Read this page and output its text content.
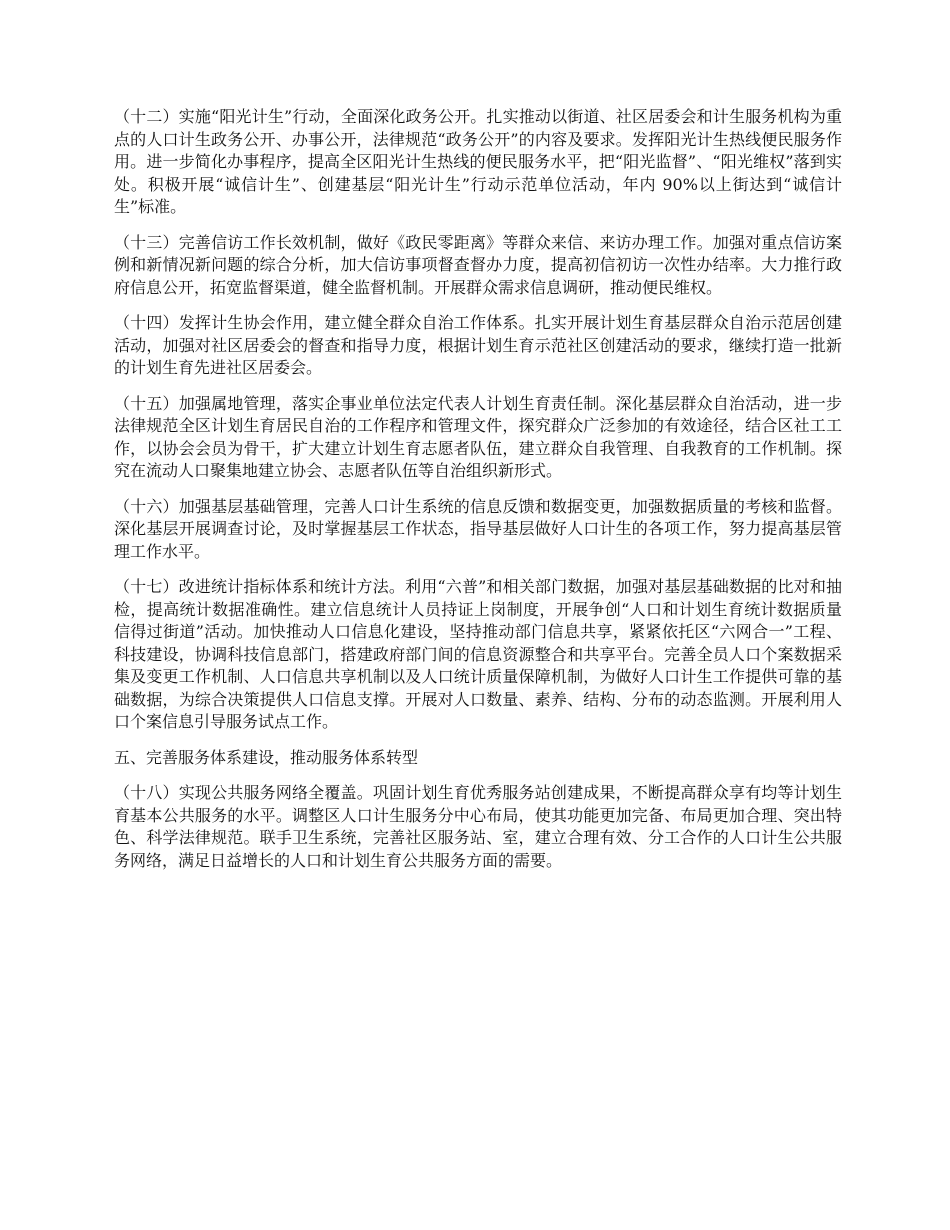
（十二）实施“阳光计生”行动，全面深化政务公开。扎实推动以街道、社区居委会和计生服务机构为重点的人口计生政务公开、办事公开，法律规范“政务公开”的内容及要求。发挥阳光计生热线便民服务作用。进一步简化办事程序，提高全区阳光计生热线的便民服务水平，把“阳光监督”、“阳光维权”落到实处。积极开展“诚信计生”、创建基层“阳光计生”行动示范单位活动，年内 90%以上街达到“诚信计生”标准。

（十三）完善信访工作长效机制，做好《政民零距离》等群众来信、来访办理工作。加强对重点信访案例和新情况新问题的综合分析，加大信访事项督查督办力度，提高初信初访一次性办结率。大力推行政府信息公开，拓宽监督渠道，健全监督机制。开展群众需求信息调研，推动便民维权。

（十四）发挥计生协会作用，建立健全群众自治工作体系。扎实开展计划生育基层群众自治示范居创建活动，加强对社区居委会的督查和指导力度，根据计划生育示范社区创建活动的要求，继续打造一批新的计划生育先进社区居委会。

（十五）加强属地管理，落实企事业单位法定代表人计划生育责任制。深化基层群众自治活动，进一步法律规范全区计划生育居民自治的工作程序和管理文件，探究群众广泛参加的有效途径，结合区社工工作，以协会会员为骨干，扩大建立计划生育志愿者队伍，建立群众自我管理、自我教育的工作机制。探究在流动人口聚集地建立协会、志愿者队伍等自治组织新形式。

（十六）加强基层基础管理，完善人口计生系统的信息反馈和数据变更，加强数据质量的考核和监督。深化基层开展调查讨论，及时掌握基层工作状态，指导基层做好人口计生的各项工作，努力提高基层管理工作水平。

（十七）改进统计指标体系和统计方法。利用“六普”和相关部门数据，加强对基层基础数据的比对和抽检，提高统计数据准确性。建立信息统计人员持证上岗制度，开展争创“人口和计划生育统计数据质量信得过街道”活动。加快推动人口信息化建设，坚持推动部门信息共享，紧紧依托区“六网合一”工程、科技建设，协调科技信息部门，搭建政府部门间的信息资源整合和共享平台。完善全员人口个案数据采集及变更工作机制、人口信息共享机制以及人口统计质量保障机制，为做好人口计生工作提供可靠的基础数据，为综合决策提供人口信息支撑。开展对人口数量、素养、结构、分布的动态监测。开展利用人口个案信息引导服务试点工作。

五、完善服务体系建设，推动服务体系转型

（十八）实现公共服务网络全覆盖。巩固计划生育优秀服务站创建成果，不断提高群众享有均等计划生育基本公共服务的水平。调整区人口计生服务分中心布局，使其功能更加完备、布局更加合理、突出特色、科学法律规范。联手卫生系统，完善社区服务站、室，建立合理有效、分工合作的人口计生公共服务网络，满足日益增长的人口和计划生育公共服务方面的需要。
